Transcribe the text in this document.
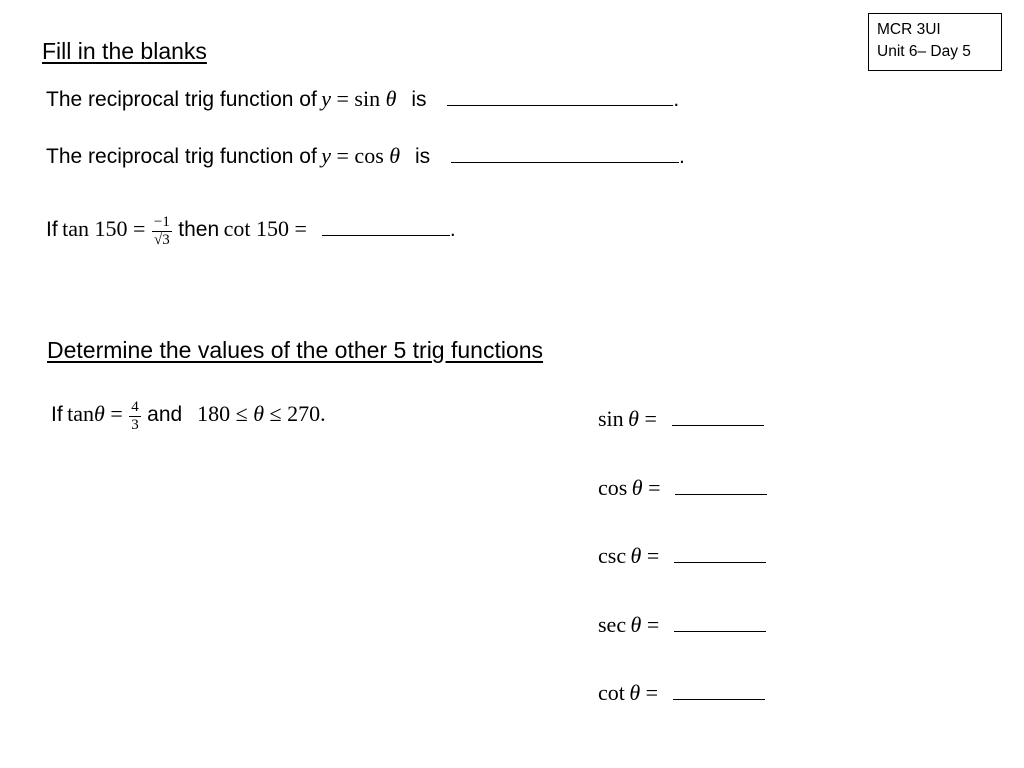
MCR 3UI
Unit 6– Day 5
Fill in the blanks
The reciprocal trig function of y = sin θ is	.
The reciprocal trig function of y = cos θ is	.
If $\tan 150 = \frac{-1}{√3}$ then cot 150 =	.
Determine the values of the other 5 trig functions
If $\tan\theta = \frac{4}{3}$ and 180 ≤ θ ≤ 270.	sin θ =
cos θ =
csc θ =
sec θ =
cot θ =
